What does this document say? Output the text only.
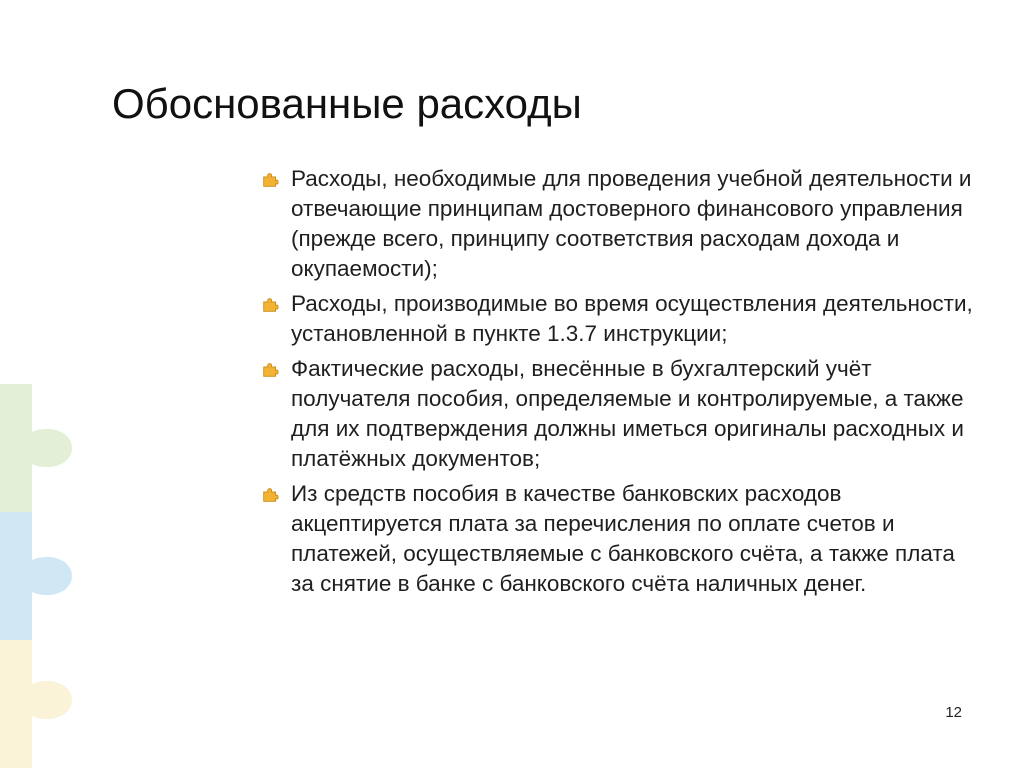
Обоснованные расходы
Расходы, необходимые для проведения учебной деятельности и отвечающие принципам достоверного финансового управления (прежде всего, принципу соответствия расходам дохода и окупаемости);
Расходы, производимые во время осуществления деятельности, установленной в пункте 1.3.7 инструкции;
Фактические расходы, внесённые в бухгалтерский учёт получателя пособия, определяемые и контролируемые, а также для их подтверждения должны иметься оригиналы расходных и платёжных документов;
Из средств пособия в качестве банковских расходов акцептируется плата за перечисления по оплате счетов и платежей, осуществляемые с банковского счёта, а также плата за снятие в банке с банковского счёта наличных денег.
12
